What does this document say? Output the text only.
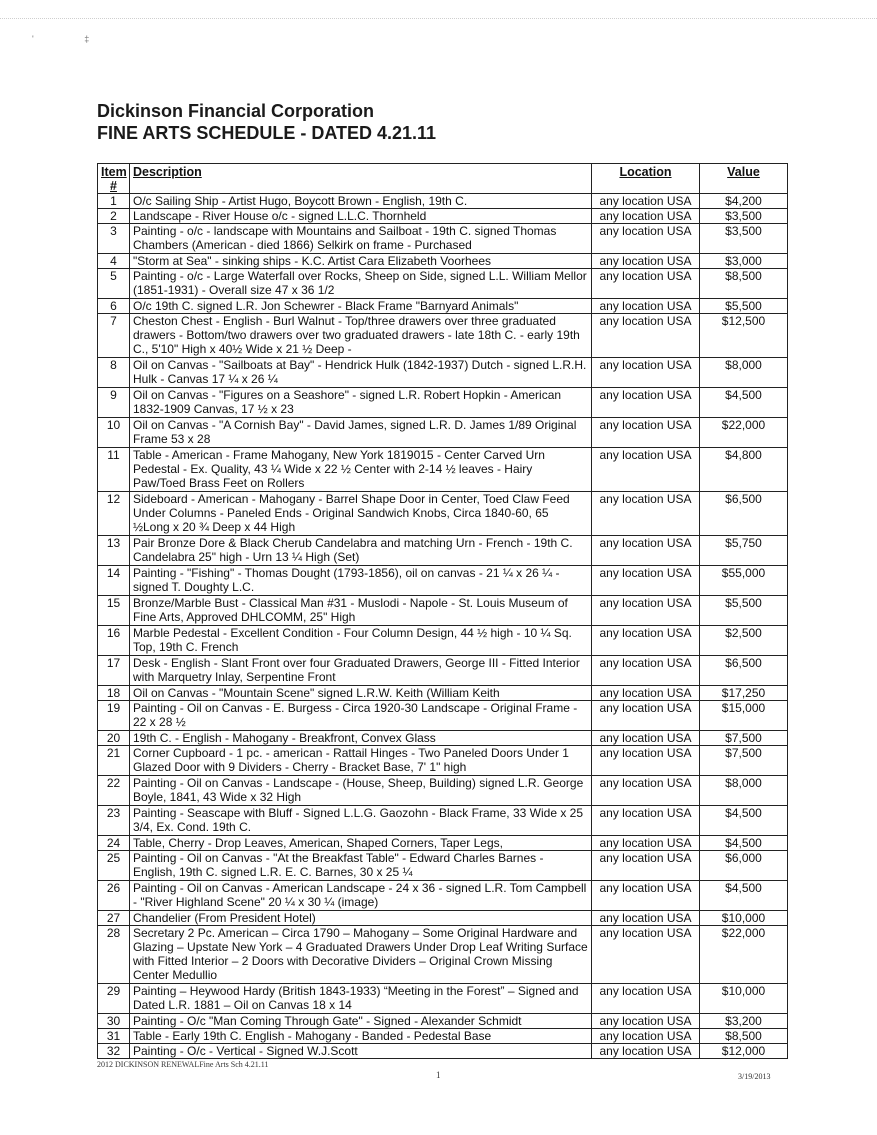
'	‡
Dickinson Financial Corporation
FINE ARTS SCHEDULE - DATED 4.21.11
Item #	Description	Location	Value

1	O/c Sailing Ship - Artist Hugo, Boycott Brown - English, 19th C.	any location USA	$4,200

2	Landscape - River House o/c - signed L.L.C. Thornheld	any location USA	$3,500

3	Painting - o/c - landscape with Mountains and Sailboat - 19th C. signed Thomas Chambers (American - died 1866) Selkirk on frame - Purchased	any location USA	$3,500

4	"Storm at Sea" - sinking ships - K.C. Artist Cara Elizabeth Voorhees	any location USA	$3,000

5	Painting - o/c - Large Waterfall over Rocks, Sheep on Side, signed L.L. William Mellor (1851-1931) - Overall size 47 x 36 1/2	any location USA	$8,500

6	O/c 19th C. signed L.R. Jon Schewrer - Black Frame "Barnyard Animals"	any location USA	$5,500

7	Cheston Chest - English - Burl Walnut - Top/three drawers over three graduated drawers - Bottom/two drawers over two graduated drawers - late 18th C. - early 19th C., 5'10" High x 40½ Wide x 21 ½ Deep -	any location USA	$12,500

8	Oil on Canvas - "Sailboats at Bay" - Hendrick Hulk (1842-1937) Dutch - signed L.R.H. Hulk - Canvas 17 ¼ x 26 ¼	any location USA	$8,000

9	Oil on Canvas - "Figures on a Seashore" - signed L.R. Robert Hopkin - American 1832-1909 Canvas, 17 ½ x 23	any location USA	$4,500

10	Oil on Canvas - "A Cornish Bay" - David James, signed L.R. D. James 1/89 Original Frame 53 x 28	any location USA	$22,000

11	Table - American - Frame Mahogany, New York 1819015 - Center Carved Urn Pedestal - Ex. Quality, 43 ¼ Wide x 22 ½ Center with 2-14 ½ leaves - Hairy Paw/Toed Brass Feet on Rollers	any location USA	$4,800

12	Sideboard - American - Mahogany - Barrel Shape Door in Center, Toed Claw Feed Under Columns - Paneled Ends - Original Sandwich Knobs, Circa 1840-60, 65 ½Long x 20 ¾ Deep x 44 High	any location USA	$6,500

13	Pair Bronze Dore & Black Cherub Candelabra and matching Urn - French - 19th C. Candelabra 25" high - Urn 13 ¼ High (Set)	any location USA	$5,750

14	Painting - "Fishing" - Thomas Dought (1793-1856), oil on canvas - 21 ¼ x 26 ¼ - signed T. Doughty L.C.	any location USA	$55,000

15	Bronze/Marble Bust - Classical Man #31 - Muslodi - Napole - St. Louis Museum of Fine Arts, Approved DHLCOMM, 25" High	any location USA	$5,500

16	Marble Pedestal - Excellent Condition - Four Column Design, 44 ½ high - 10 ¼ Sq. Top, 19th C. French	any location USA	$2,500

17	Desk - English - Slant Front over four Graduated Drawers, George III - Fitted Interior with Marquetry Inlay, Serpentine Front	any location USA	$6,500

18	Oil on Canvas - "Mountain Scene" signed L.R.W. Keith (William Keith	any location USA	$17,250

19	Painting - Oil on Canvas - E. Burgess - Circa 1920-30 Landscape - Original Frame - 22 x 28 ½	any location USA	$15,000

20	19th C. - English - Mahogany - Breakfront, Convex Glass	any location USA	$7,500

21	Corner Cupboard - 1 pc. - american - Rattail Hinges - Two Paneled Doors Under 1 Glazed Door with 9 Dividers - Cherry - Bracket Base, 7' 1" high	any location USA	$7,500

22	Painting - Oil on Canvas - Landscape - (House, Sheep, Building) signed L.R. George Boyle, 1841, 43 Wide x 32 High	any location USA	$8,000

23	Painting - Seascape with Bluff - Signed L.L.G. Gaozohn - Black Frame, 33 Wide x 25 3/4, Ex. Cond. 19th C.	any location USA	$4,500

24	Table, Cherry - Drop Leaves, American, Shaped Corners, Taper Legs,	any location USA	$4,500

25	Painting - Oil on Canvas - "At the Breakfast Table" - Edward Charles Barnes - English, 19th C. signed L.R. E. C. Barnes, 30 x 25 ¼	any location USA	$6,000

26	Painting - Oil on Canvas - American Landscape - 24 x 36 - signed L.R. Tom Campbell - "River Highland Scene" 20 ¼ x 30 ¼ (image)	any location USA	$4,500

27	Chandelier (From President Hotel)	any location USA	$10,000

28	Secretary 2 Pc. American – Circa 1790 – Mahogany – Some Original Hardware and Glazing – Upstate New York – 4 Graduated Drawers Under Drop Leaf Writing Surface with Fitted Interior – 2 Doors with Decorative Dividers – Original Crown Missing Center Medullio	any location USA	$22,000

29	Painting – Heywood Hardy (British 1843-1933) “Meeting in the Forest” – Signed and Dated L.R. 1881 – Oil on Canvas 18 x 14	any location USA	$10,000

30	Painting - O/c "Man Coming Through Gate" - Signed - Alexander Schmidt	any location USA	$3,200

31	Table - Early 19th C. English - Mahogany - Banded - Pedestal Base	any location USA	$8,500

32	Painting - O/c - Vertical - Signed W.J.Scott	any location USA	$12,000
2012 DICKINSON RENEWALFine Arts Sch 4.21.11
1	3/19/2013
